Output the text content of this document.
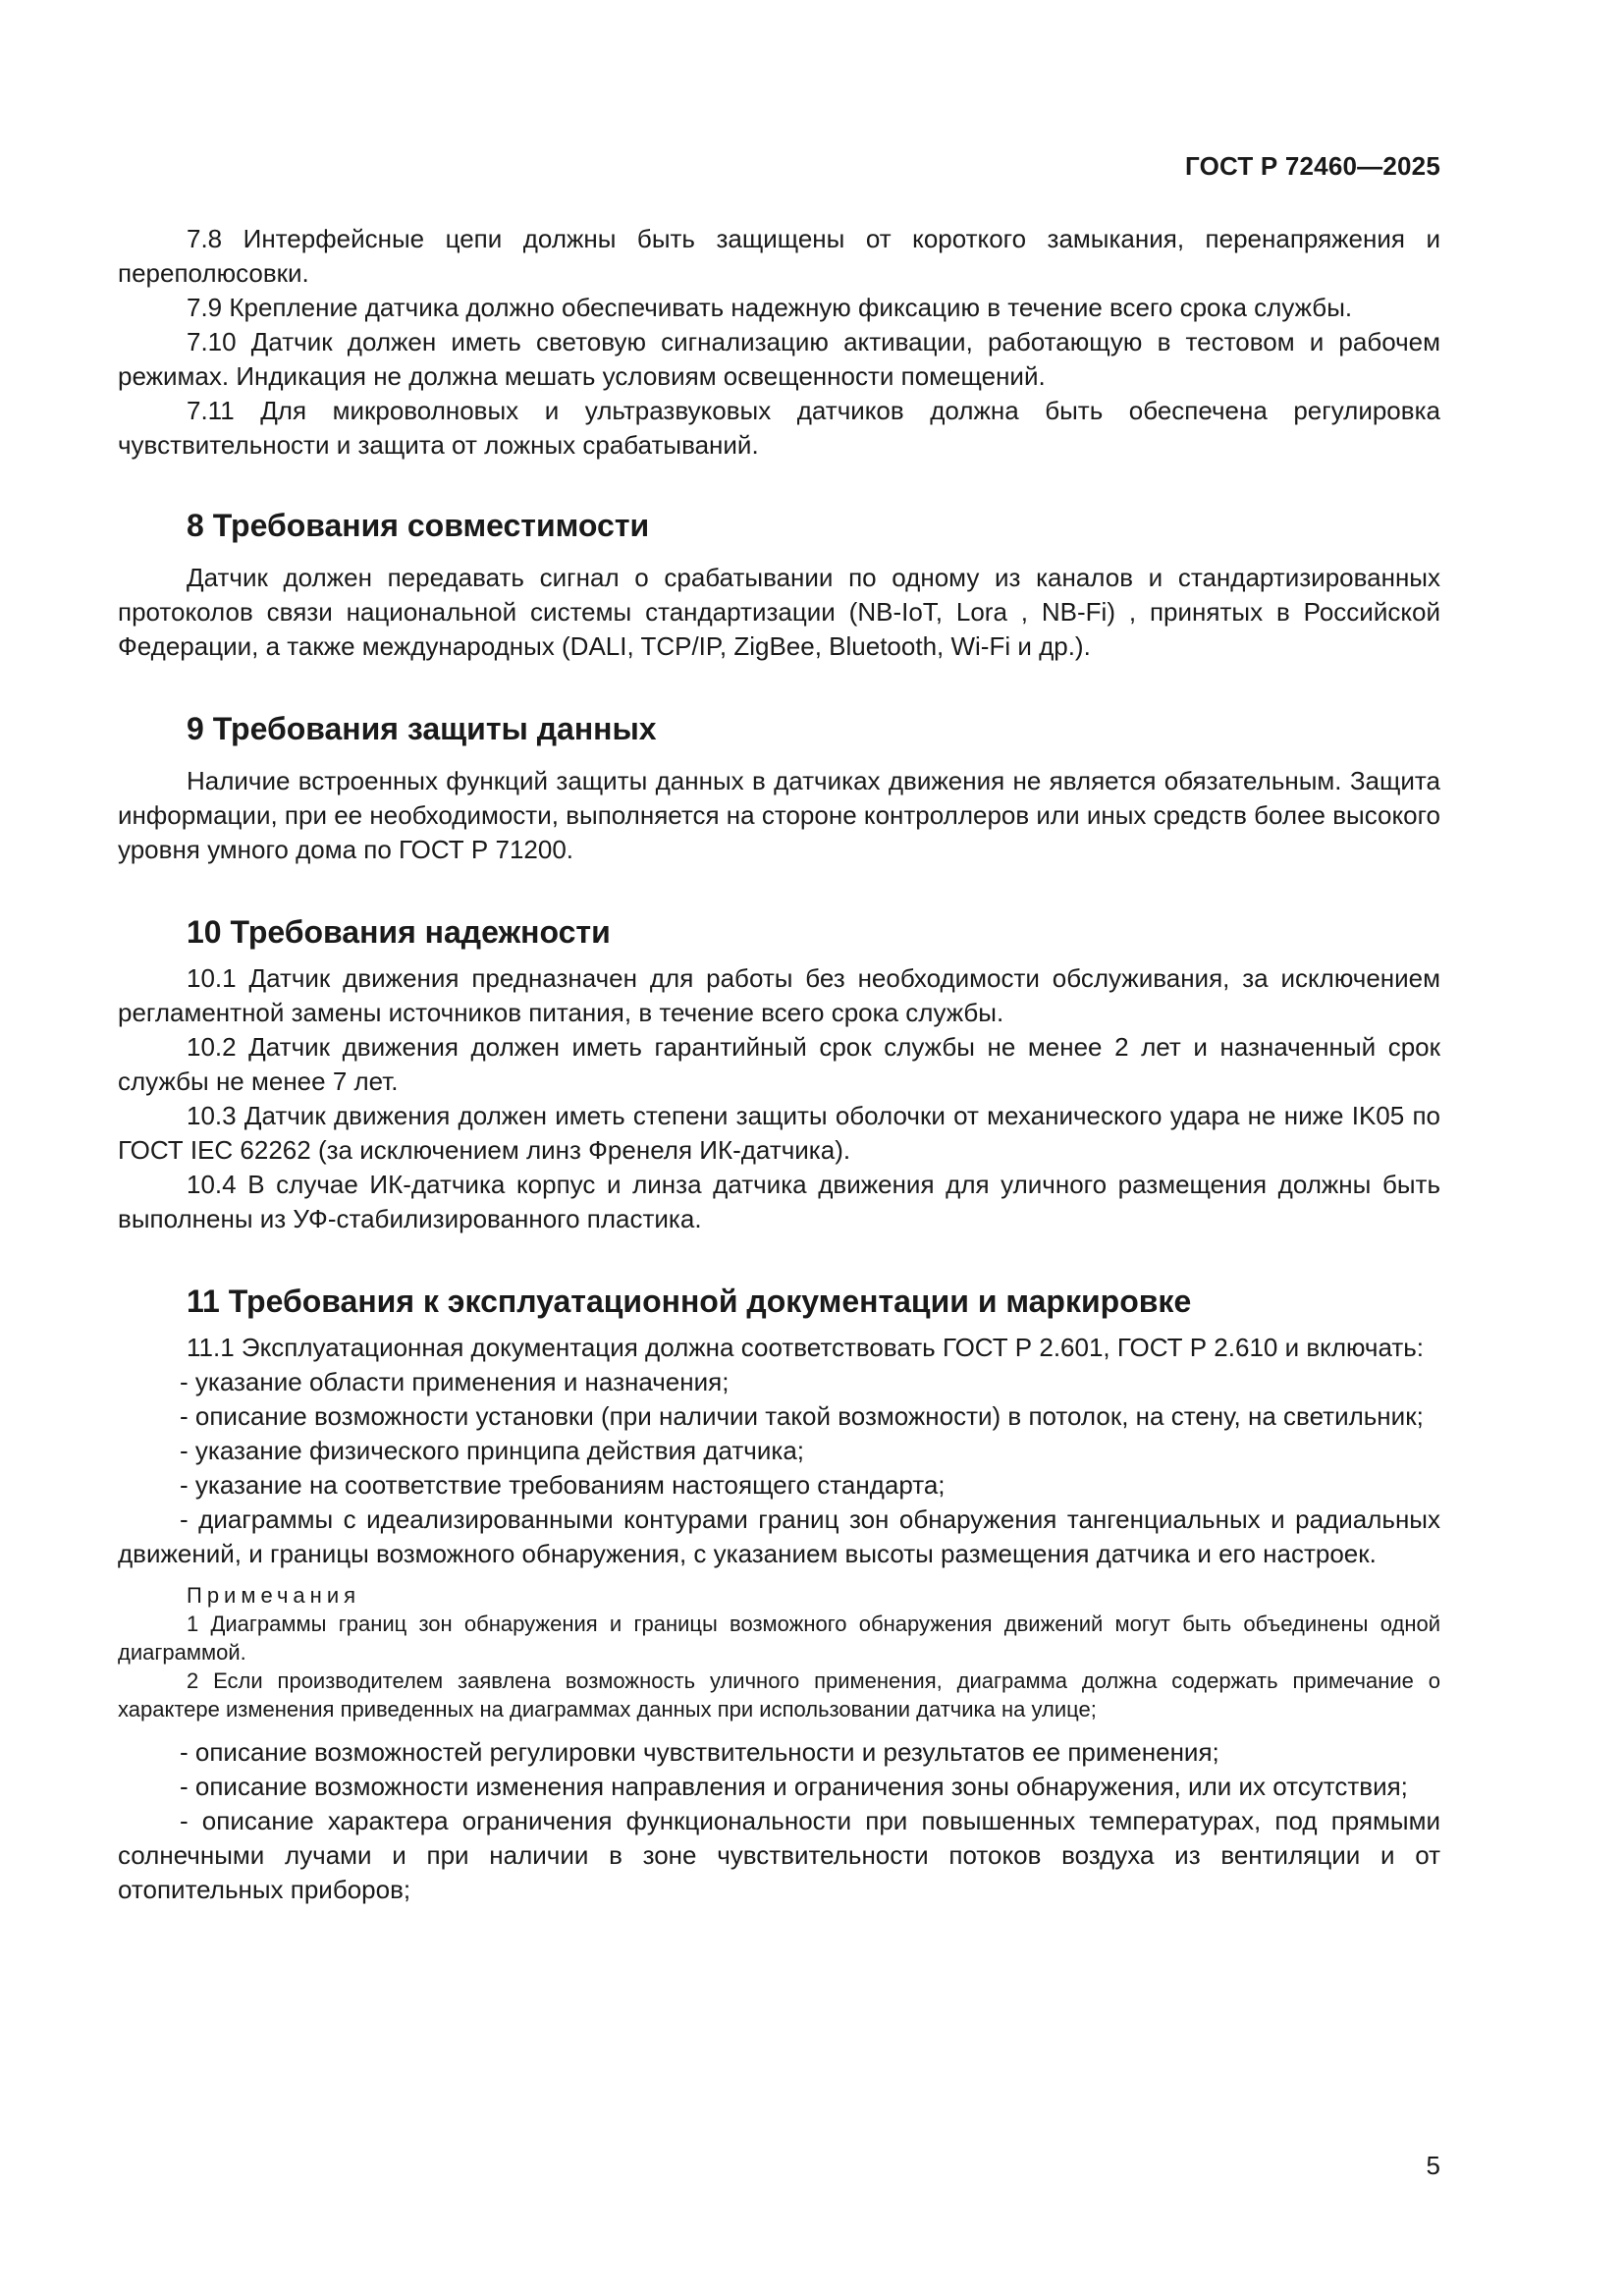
ГОСТ Р 72460—2025

7.8 Интерфейсные цепи должны быть защищены от короткого замыкания, перенапряжения и переполюсовки.

7.9 Крепление датчика должно обеспечивать надежную фиксацию в течение всего срока службы.

7.10 Датчик должен иметь световую сигнализацию активации, работающую в тестовом и рабочем режимах. Индикация не должна мешать условиям освещенности помещений.

7.11 Для микроволновых и ультразвуковых датчиков должна быть обеспечена регулировка чувствительности и защита от ложных срабатываний.

8 Требования совместимости

Датчик должен передавать сигнал о срабатывании по одному из каналов и стандартизированных протоколов связи национальной системы стандартизации (NB-IoT, Lora , NB-Fi) , принятых в Российской Федерации, а также международных (DALI, TCP/IP, ZigBee, Bluetooth, Wi-Fi и др.).

9 Требования защиты данных

Наличие встроенных функций защиты данных в датчиках движения не является обязательным. Защита информации, при ее необходимости, выполняется на стороне контроллеров или иных средств более высокого уровня умного дома по ГОСТ Р 71200.

10 Требования надежности

10.1 Датчик движения предназначен для работы без необходимости обслуживания, за исключением регламентной замены источников питания, в течение всего срока службы.

10.2 Датчик движения должен иметь гарантийный срок службы не менее 2 лет и назначенный срок службы не менее 7 лет.

10.3 Датчик движения должен иметь степени защиты оболочки от механического удара не ниже IK05 по ГОСТ IEC 62262 (за исключением линз Френеля ИК-датчика).

10.4 В случае ИК-датчика корпус и линза датчика движения для уличного размещения должны быть выполнены из УФ-стабилизированного пластика.

11 Требования к эксплуатационной документации и маркировке

11.1 Эксплуатационная документация должна соответствовать ГОСТ Р 2.601, ГОСТ Р 2.610 и включать:

- указание области применения и назначения;

- описание возможности установки (при наличии такой возможности) в потолок, на стену, на светильник;

- указание физического принципа действия датчика;

- указание на соответствие требованиям настоящего стандарта;

- диаграммы с идеализированными контурами границ зон обнаружения тангенциальных и радиальных движений, и границы возможного обнаружения, с указанием высоты размещения датчика и его настроек.

Примечания

1 Диаграммы границ зон обнаружения и границы возможного обнаружения движений могут быть объединены одной диаграммой.

2 Если производителем заявлена возможность уличного применения, диаграмма должна содержать примечание о характере изменения приведенных на диаграммах данных при использовании датчика на улице;

- описание возможностей регулировки чувствительности и результатов ее применения;

- описание возможности изменения направления и ограничения зоны обнаружения, или их отсутствия;

- описание характера ограничения функциональности при повышенных температурах, под прямыми солнечными лучами и при наличии в зоне чувствительности потоков воздуха из вентиляции и от отопительных приборов;

5
